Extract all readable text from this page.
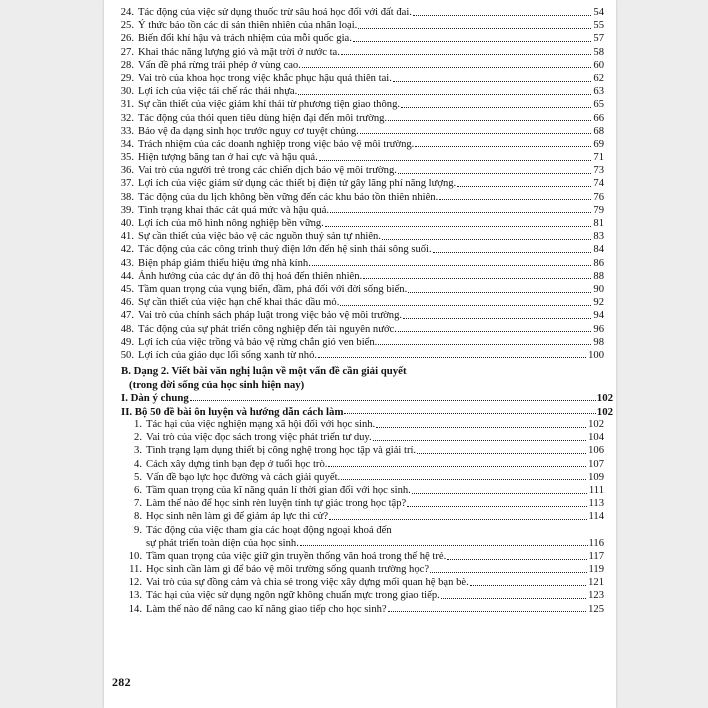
24. Tác động của việc sử dụng thuốc trừ sâu hoá học đối với đất đai.	54
25. Ý thức bảo tồn các di sản thiên nhiên của nhân loại.	55
26. Biến đổi khí hậu và trách nhiệm của mỗi quốc gia.	57
27. Khai thác năng lượng gió và mặt trời ở nước ta.	58
28. Vấn đề phá rừng trái phép ở vùng cao.	60
29. Vai trò của khoa học trong việc khắc phục hậu quả thiên tai.	62
30. Lợi ích của việc tái chế rác thải nhựa.	63
31. Sự cần thiết của việc giảm khí thải từ phương tiện giao thông.	65
32. Tác động của thói quen tiêu dùng hiện đại đến môi trường.	66
33. Bảo vệ đa dạng sinh học trước nguy cơ tuyệt chủng.	68
34. Trách nhiệm của các doanh nghiệp trong việc bảo vệ môi trường.	69
35. Hiện tượng băng tan ở hai cực và hậu quả.	71
36. Vai trò của người trẻ trong các chiến dịch bảo vệ môi trường.	73
37. Lợi ích của việc giảm sử dụng các thiết bị điện tử gây lãng phí năng lượng.	74
38. Tác động của du lịch không bền vững đến các khu bảo tồn thiên nhiên.	76
39. Tình trạng khai thác cát quá mức và hậu quả.	79
40. Lợi ích của mô hình nông nghiệp bền vững.	81
41. Sự cần thiết của việc bảo vệ các nguồn thuỷ sản tự nhiên.	83
42. Tác động của các công trình thuỷ điện lớn đến hệ sinh thái sông suối.	84
43. Biện pháp giảm thiểu hiệu ứng nhà kính.	86
44. Ảnh hưởng của các dự án đô thị hoá đến thiên nhiên.	88
45. Tầm quan trọng của vụng biển, đầm, phá đối với đời sống biển.	90
46. Sự cần thiết của việc hạn chế khai thác dầu mỏ.	92
47. Vai trò của chính sách pháp luật trong việc bảo vệ môi trường.	94
48. Tác động của sự phát triển công nghiệp đến tài nguyên nước.	96
49. Lợi ích của việc trồng và bảo vệ rừng chắn gió ven biển.	98
50. Lợi ích của giáo dục lối sống xanh từ nhỏ.	100
B. Dạng 2. Viết bài văn nghị luận về một vấn đề cần giải quyết
(trong đời sống của học sinh hiện nay)
I. Dàn ý chung	102
II. Bộ 50 đề bài ôn luyện và hướng dẫn cách làm	102
1. Tác hại của việc nghiện mạng xã hội đối với học sinh.	102
2. Vai trò của việc đọc sách trong việc phát triển tư duy.	104
3. Tình trạng lạm dụng thiết bị công nghệ trong học tập và giải trí.	106
4. Cách xây dựng tình bạn đẹp ở tuổi học trò.	107
5. Vấn đề bạo lực học đường và cách giải quyết.	109
6. Tầm quan trọng của kĩ năng quản lí thời gian đối với học sinh.	111
7. Làm thế nào để học sinh rèn luyện tính tự giác trong học tập?	113
8. Học sinh nên làm gì để giảm áp lực thi cử?	114
9. Tác động của việc tham gia các hoạt động ngoại khoá đến
sự phát triển toàn diện của học sinh.	116
10. Tầm quan trọng của việc giữ gìn truyền thống văn hoá trong thế hệ trẻ.	117
11. Học sinh cần làm gì để bảo vệ môi trường sống quanh trường học?	119
12. Vai trò của sự đồng cảm và chia sẻ trong việc xây dựng mối quan hệ bạn bè.	121
13. Tác hại của việc sử dụng ngôn ngữ không chuẩn mực trong giao tiếp.	123
14. Làm thế nào để nâng cao kĩ năng giao tiếp cho học sinh?	125
282
